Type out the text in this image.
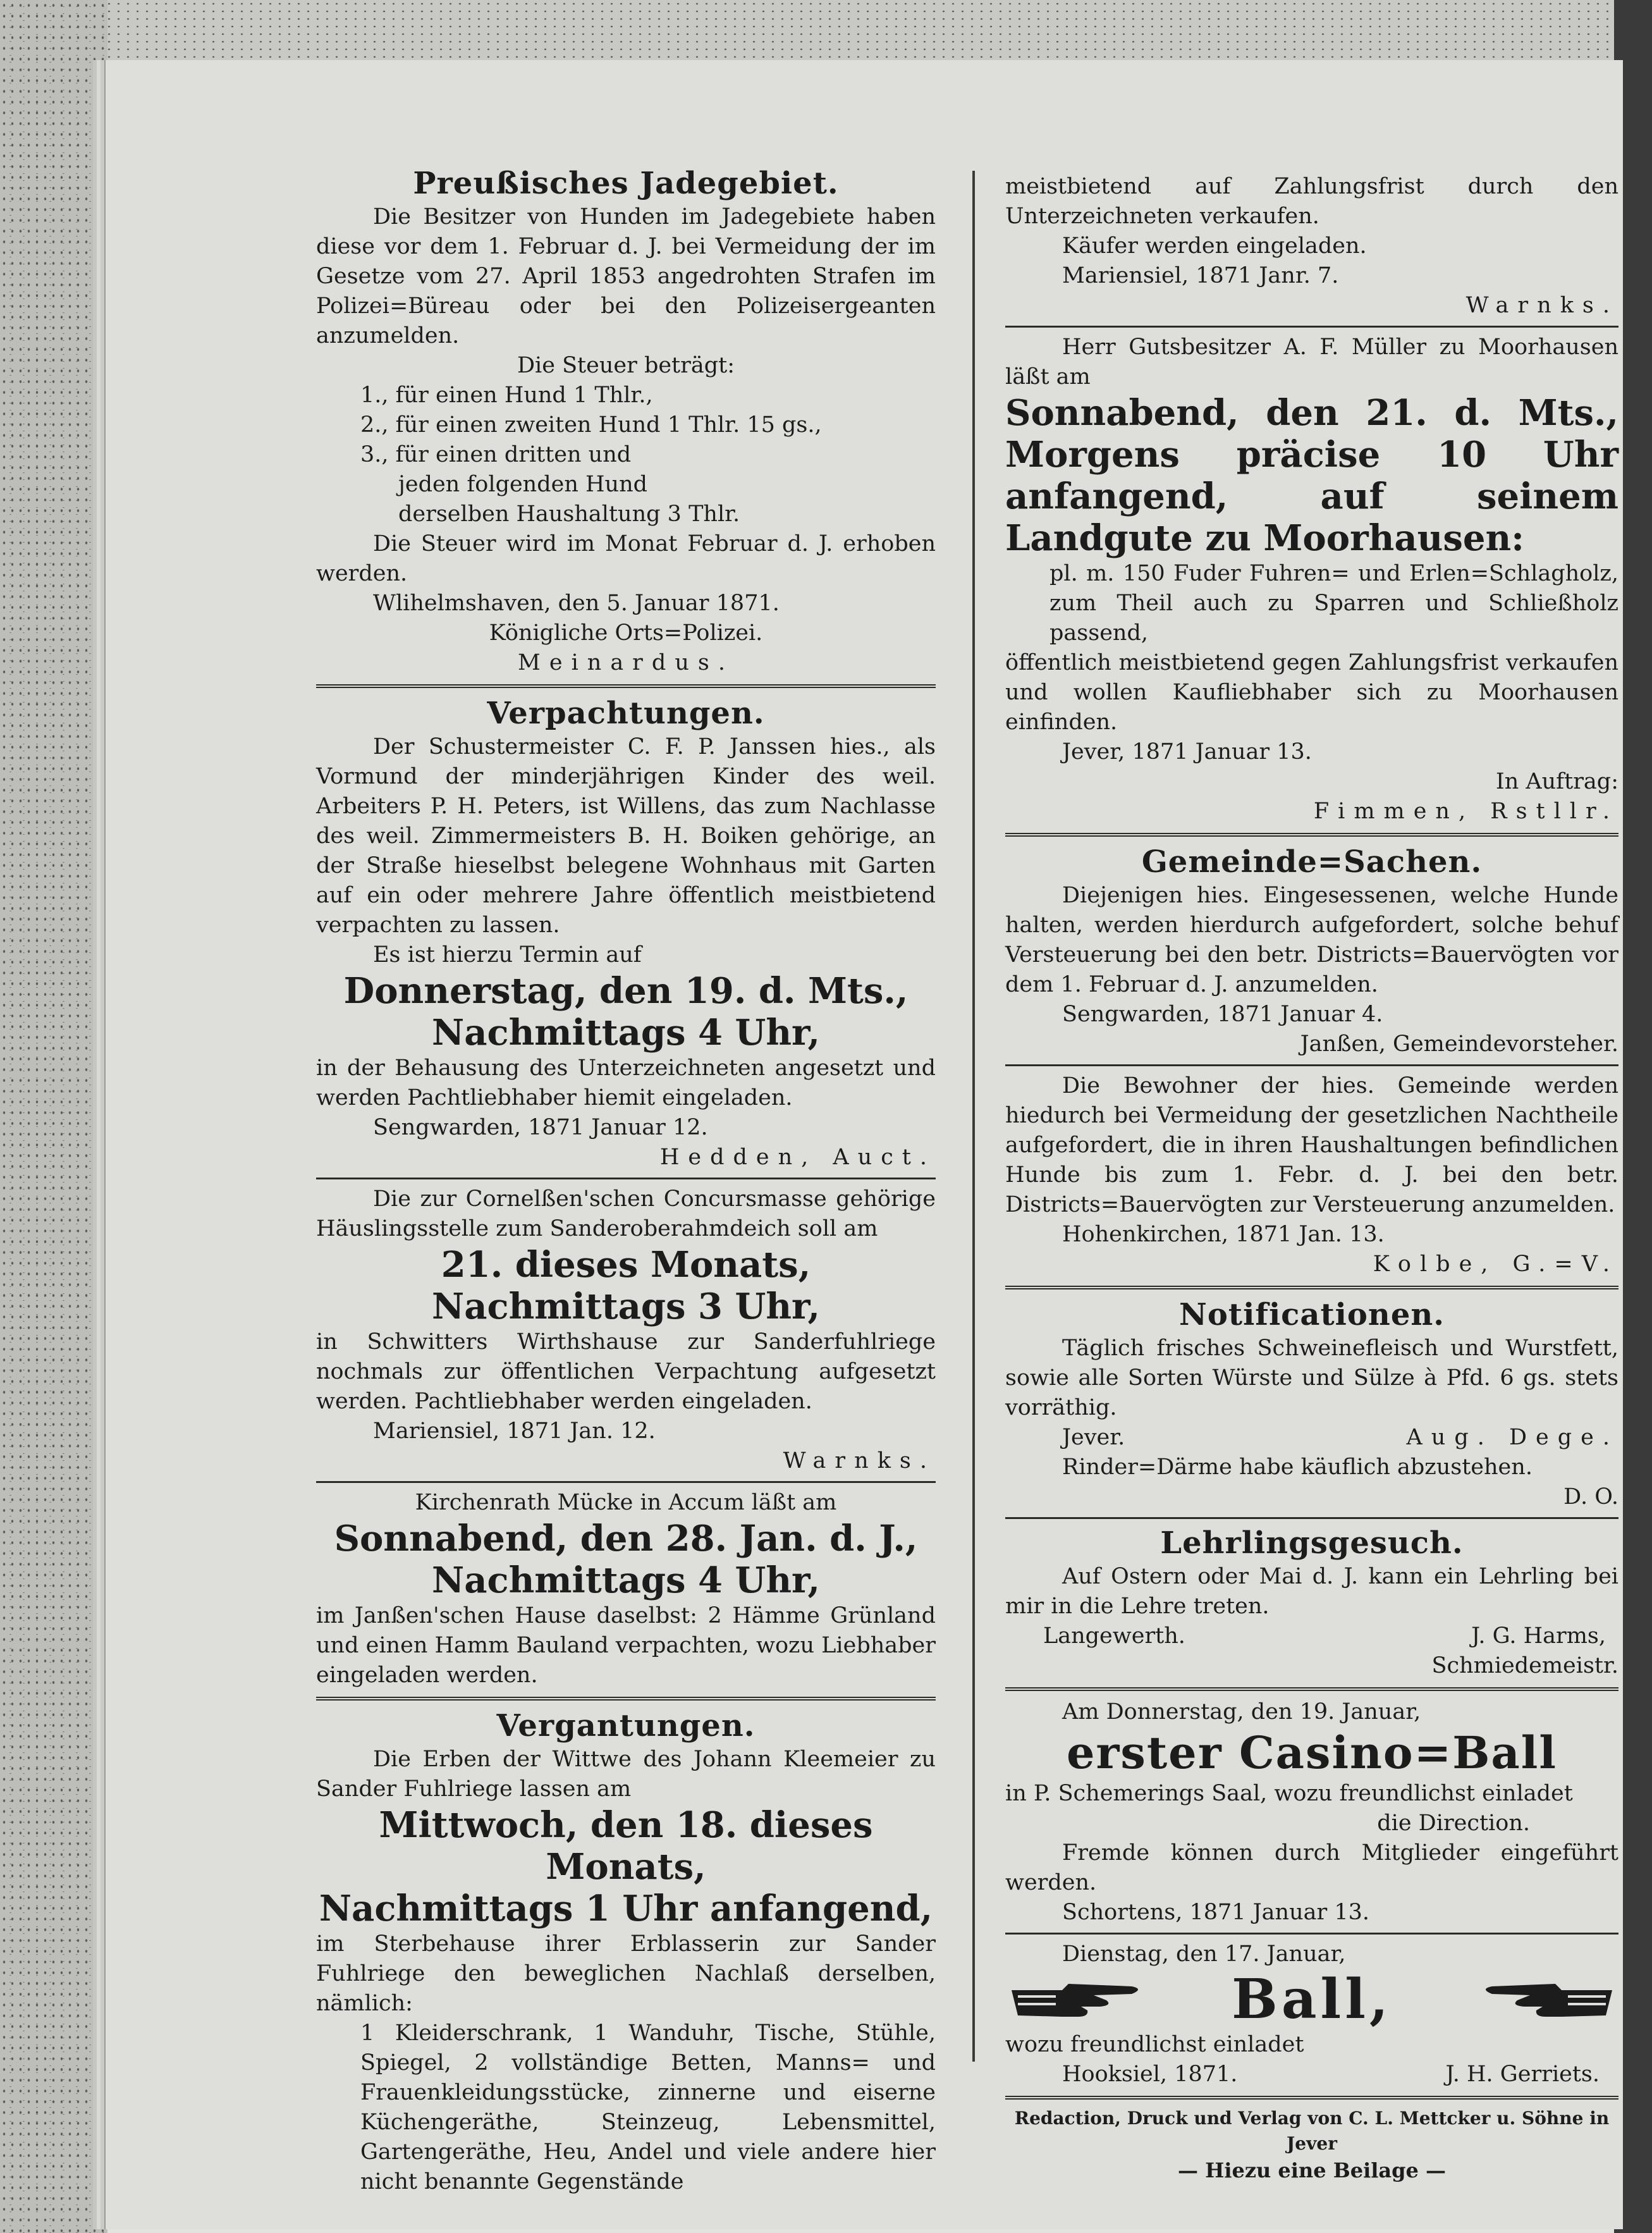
Preußisches Jadegebiet.

Die Besitzer von Hunden im Jadegebiete haben diese vor dem 1. Februar d. J. bei Vermeidung der im Gesetze vom 27. April 1853 angedrohten Strafen im Polizei=Büreau oder bei den Polizeisergeanten anzumelden.

Die Steuer beträgt:

1., für einen Hund 1 Thlr.,

2., für einen zweiten Hund 1 Thlr. 15 gs.,

3., für einen dritten und

jeden folgenden Hund

derselben Haushaltung 3 Thlr.

Die Steuer wird im Monat Februar d. J. erhoben werden.

Wlihelmshaven, den 5. Januar 1871.

Königliche Orts=Polizei.

Meinardus.

Verpachtungen.

Der Schustermeister C. F. P. Janssen hies., als Vormund der minderjährigen Kinder des weil. Arbeiters P. H. Peters, ist Willens, das zum Nachlasse des weil. Zimmermeisters B. H. Boiken gehörige, an der Straße hieselbst belegene Wohnhaus mit Garten auf ein oder mehrere Jahre öffentlich meistbietend verpachten zu lassen.

Es ist hierzu Termin auf

Donnerstag, den 19. d. Mts.,

Nachmittags 4 Uhr,

in der Behausung des Unterzeichneten angesetzt und werden Pachtliebhaber hiemit eingeladen.

Sengwarden, 1871 Januar 12.

Hedden, Auct.

Die zur Cornelßen'schen Concursmasse gehörige Häuslingsstelle zum Sanderoberahmdeich soll am

21. dieses Monats,

Nachmittags 3 Uhr,

in Schwitters Wirthshause zur Sanderfuhlriege nochmals zur öffentlichen Verpachtung aufgesetzt werden. Pachtliebhaber werden eingeladen.

Mariensiel, 1871 Jan. 12.

Warnks.

Kirchenrath Mücke in Accum läßt am

Sonnabend, den 28. Jan. d. J.,

Nachmittags 4 Uhr,

im Janßen'schen Hause daselbst: 2 Hämme Grünland und einen Hamm Bauland verpachten, wozu Liebhaber eingeladen werden.

Vergantungen.

Die Erben der Wittwe des Johann Kleemeier zu Sander Fuhlriege lassen am

Mittwoch, den 18. dieses Monats,

Nachmittags 1 Uhr anfangend,

im Sterbehause ihrer Erblasserin zur Sander Fuhlriege den beweglichen Nachlaß derselben, nämlich:

1 Kleiderschrank, 1 Wanduhr, Tische, Stühle, Spiegel, 2 vollständige Betten, Manns= und Frauenkleidungsstücke, zinnerne und eiserne Küchengeräthe, Steinzeug, Lebensmittel, Gartengeräthe, Heu, Andel und viele andere hier nicht benannte Gegenstände

meistbietend auf Zahlungsfrist durch den Unterzeichneten verkaufen.

Käufer werden eingeladen.

Mariensiel, 1871 Janr. 7.

Warnks.

Herr Gutsbesitzer A. F. Müller zu Moorhausen läßt am

Sonnabend, den 21. d. Mts., Morgens präcise 10 Uhr anfangend, auf seinem Landgute zu Moorhausen:

pl. m. 150 Fuder Fuhren= und Erlen=Schlagholz, zum Theil auch zu Sparren und Schließholz passend,

öffentlich meistbietend gegen Zahlungsfrist verkaufen und wollen Kaufliebhaber sich zu Moorhausen einfinden.

Jever, 1871 Januar 13.

In Auftrag:

Fimmen, Rstllr.

Gemeinde=Sachen.

Diejenigen hies. Eingesessenen, welche Hunde halten, werden hierdurch aufgefordert, solche behuf Versteuerung bei den betr. Districts=Bauervögten vor dem 1. Februar d. J. anzumelden.

Sengwarden, 1871 Januar 4.

Janßen, Gemeindevorsteher.

Die Bewohner der hies. Gemeinde werden hiedurch bei Vermeidung der gesetzlichen Nachtheile aufgefordert, die in ihren Haushaltungen befindlichen Hunde bis zum 1. Febr. d. J. bei den betr. Districts=Bauervögten zur Versteuerung anzumelden.

Hohenkirchen, 1871 Jan. 13.

Kolbe, G.=V.

Notificationen.

Täglich frisches Schweinefleisch und Wurstfett, sowie alle Sorten Würste und Sülze à Pfd. 6 gs. stets vorräthig.

Jever.	Aug. Dege.

Rinder=Därme habe käuflich abzustehen.

D. O.

Lehrlingsgesuch.

Auf Ostern oder Mai d. J. kann ein Lehrling bei mir in die Lehre treten.

Langewerth.	J. G. Harms,

Schmiedemeistr.

Am Donnerstag, den 19. Januar,

erster Casino=Ball

in P. Schemerings Saal, wozu freundlichst einladet

die Direction.

Fremde können durch Mitglieder eingeführt werden.

Schortens, 1871 Januar 13.

Dienstag, den 17. Januar,

Ball,

wozu freundlichst einladet

Hooksiel, 1871.	J. H. Gerriets.

Redaction, Druck und Verlag von C. L. Mettcker u. Söhne in Jever

— Hiezu eine Beilage —
